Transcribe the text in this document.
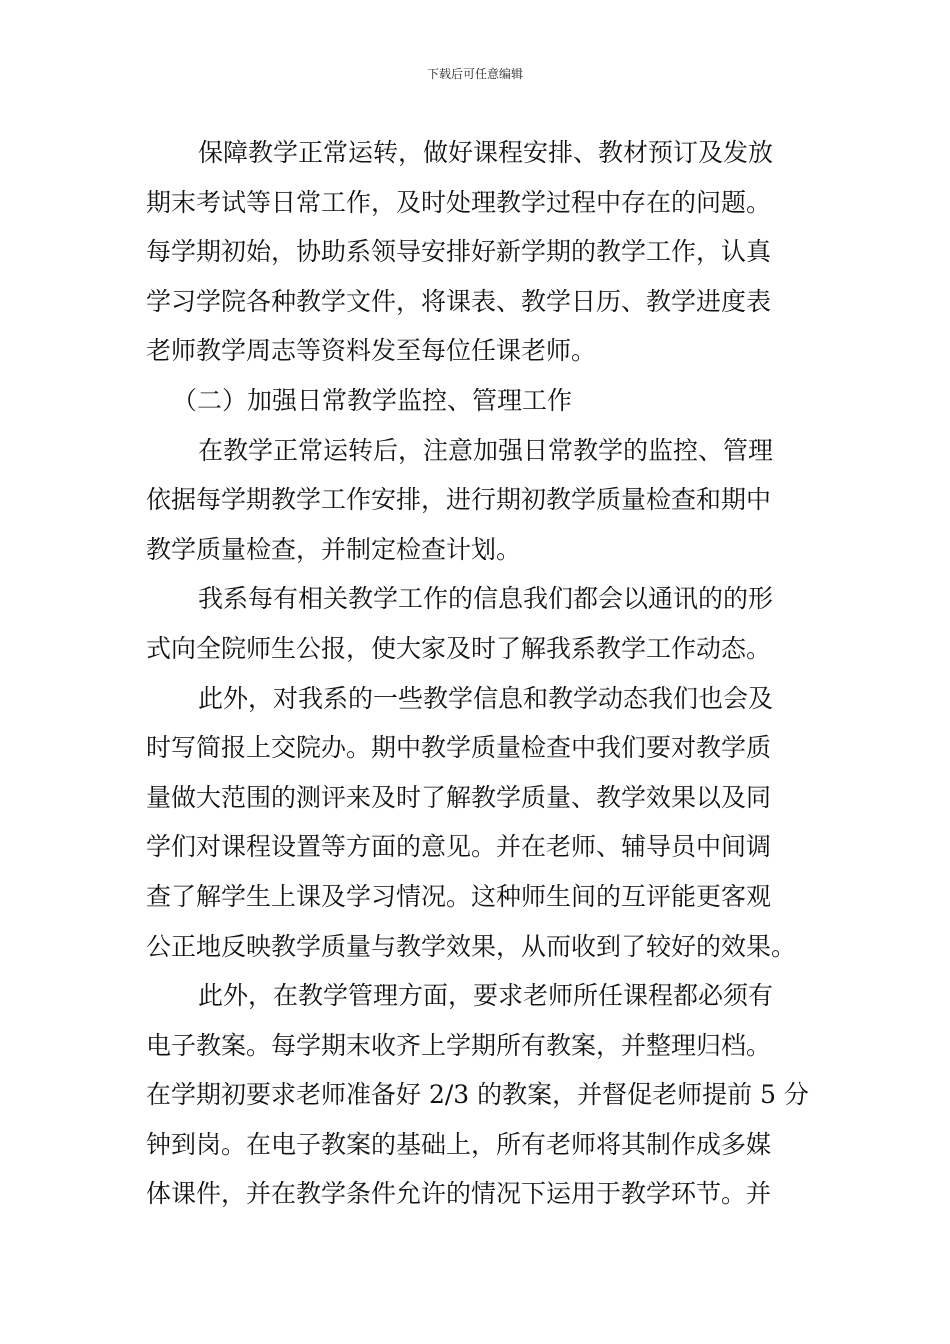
下载后可任意编辑
保障教学正常运转，做好课程安排、教材预订及发放
期末考试等日常工作，及时处理教学过程中存在的问题。
每学期初始，协助系领导安排好新学期的教学工作，认真
学习学院各种教学文件，将课表、教学日历、教学进度表
老师教学周志等资料发至每位任课老师。
（二）加强日常教学监控、管理工作
在教学正常运转后，注意加强日常教学的监控、管理
依据每学期教学工作安排，进行期初教学质量检查和期中
教学质量检查，并制定检查计划。
我系每有相关教学工作的信息我们都会以通讯的的形
式向全院师生公报，使大家及时了解我系教学工作动态。
此外，对我系的一些教学信息和教学动态我们也会及
时写简报上交院办。期中教学质量检查中我们要对教学质
量做大范围的测评来及时了解教学质量、教学效果以及同
学们对课程设置等方面的意见。并在老师、辅导员中间调
查了解学生上课及学习情况。这种师生间的互评能更客观
公正地反映教学质量与教学效果，从而收到了较好的效果。
此外，在教学管理方面，要求老师所任课程都必须有
电子教案。每学期末收齐上学期所有教案，并整理归档。
在学期初要求老师准备好 2/3 的教案，并督促老师提前 5 分
钟到岗。在电子教案的基础上，所有老师将其制作成多媒
体课件，并在教学条件允许的情况下运用于教学环节。并
